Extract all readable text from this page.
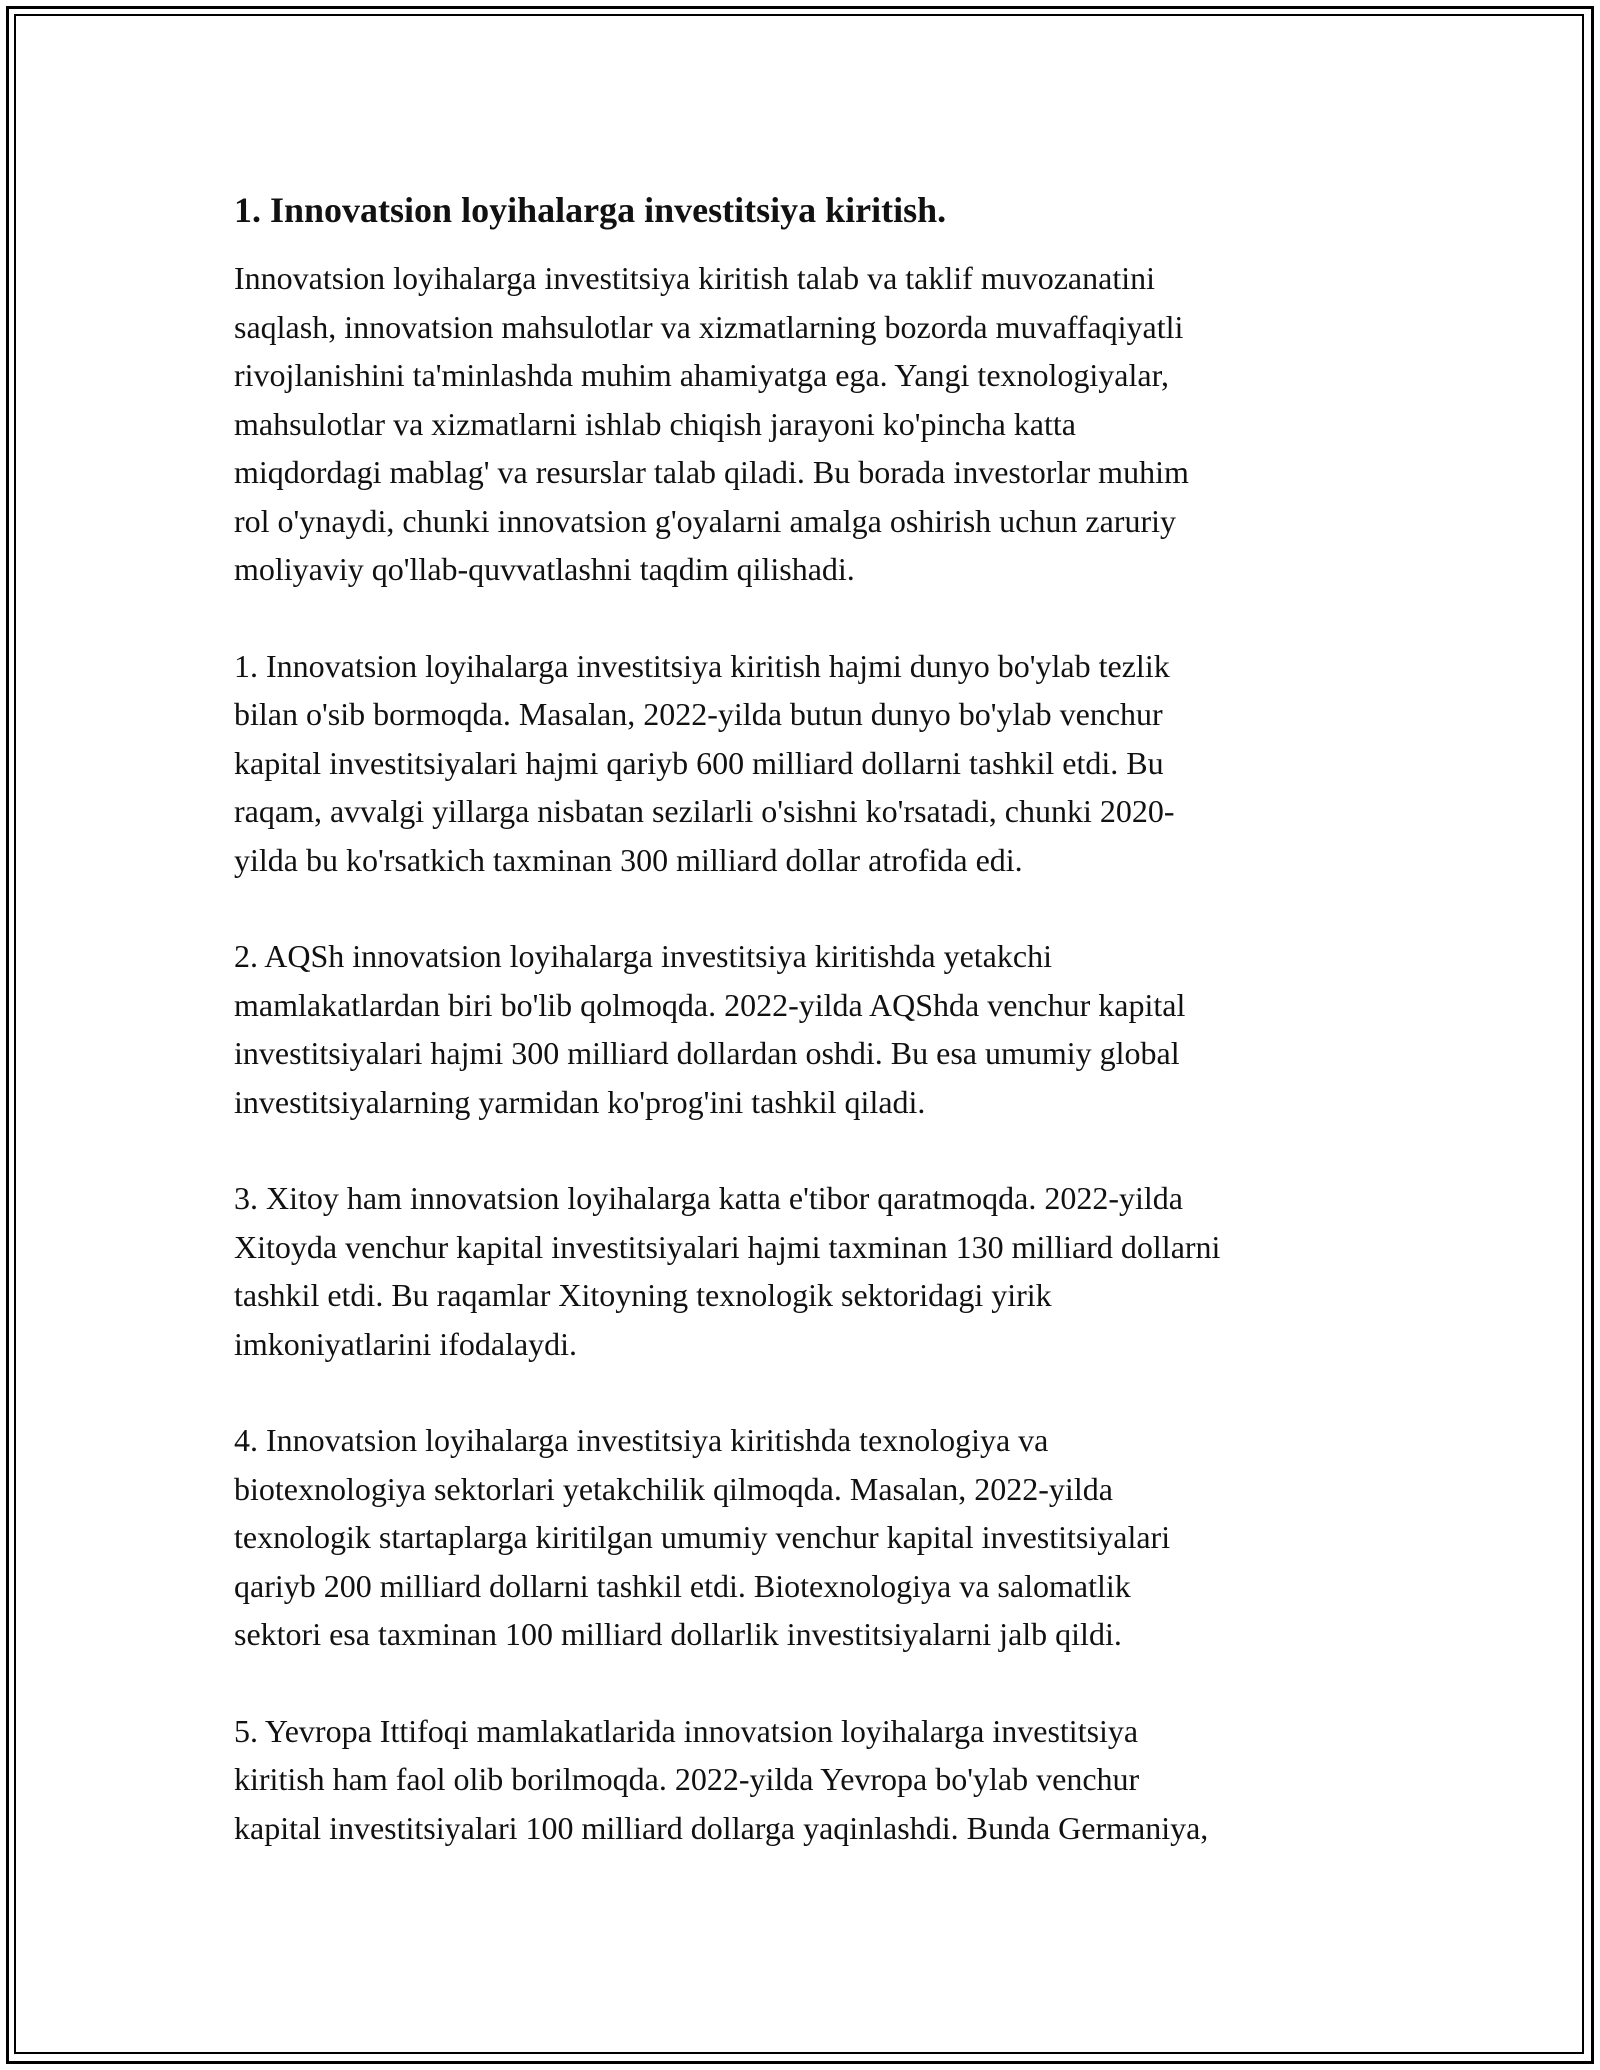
1. Innovatsion loyihalarga investitsiya kiritish.
Innovatsion loyihalarga investitsiya kiritish talab va taklif muvozanatini
saqlash, innovatsion mahsulotlar va xizmatlarning bozorda muvaffaqiyatli
rivojlanishini ta'minlashda muhim ahamiyatga ega. Yangi texnologiyalar,
mahsulotlar va xizmatlarni ishlab chiqish jarayoni ko'pincha katta
miqdordagi mablag' va resurslar talab qiladi. Bu borada investorlar muhim
rol o'ynaydi, chunki innovatsion g'oyalarni amalga oshirish uchun zaruriy
moliyaviy qo'llab-quvvatlashni taqdim qilishadi.
1. Innovatsion loyihalarga investitsiya kiritish hajmi dunyo bo'ylab tezlik
bilan o'sib bormoqda. Masalan, 2022-yilda butun dunyo bo'ylab venchur
kapital investitsiyalari hajmi qariyb 600 milliard dollarni tashkil etdi. Bu
raqam, avvalgi yillarga nisbatan sezilarli o'sishni ko'rsatadi, chunki 2020-
yilda bu ko'rsatkich taxminan 300 milliard dollar atrofida edi.
2. AQSh innovatsion loyihalarga investitsiya kiritishda yetakchi
mamlakatlardan biri bo'lib qolmoqda. 2022-yilda AQShda venchur kapital
investitsiyalari hajmi 300 milliard dollardan oshdi. Bu esa umumiy global
investitsiyalarning yarmidan ko'prog'ini tashkil qiladi.
3. Xitoy ham innovatsion loyihalarga katta e'tibor qaratmoqda. 2022-yilda
Xitoyda venchur kapital investitsiyalari hajmi taxminan 130 milliard dollarni
tashkil etdi. Bu raqamlar Xitoyning texnologik sektoridagi yirik
imkoniyatlarini ifodalaydi.
4. Innovatsion loyihalarga investitsiya kiritishda texnologiya va
biotexnologiya sektorlari yetakchilik qilmoqda. Masalan, 2022-yilda
texnologik startaplarga kiritilgan umumiy venchur kapital investitsiyalari
qariyb 200 milliard dollarni tashkil etdi. Biotexnologiya va salomatlik
sektori esa taxminan 100 milliard dollarlik investitsiyalarni jalb qildi.
5. Yevropa Ittifoqi mamlakatlarida innovatsion loyihalarga investitsiya
kiritish ham faol olib borilmoqda. 2022-yilda Yevropa bo'ylab venchur
kapital investitsiyalari 100 milliard dollarga yaqinlashdi. Bunda Germaniya,
